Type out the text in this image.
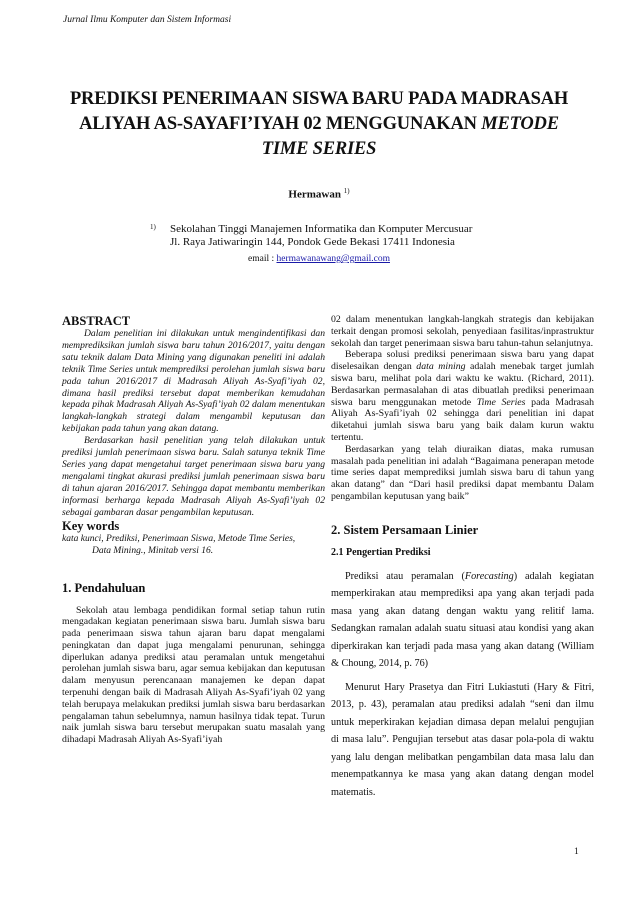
Jurnal Ilmu Komputer dan Sistem Informasi
PREDIKSI PENERIMAAN SISWA BARU PADA MADRASAH
ALIYAH AS-SAYAFI’IYAH 02 MENGGUNAKAN METODE
TIME SERIES
Hermawan $^{1)}$
1)	Sekolahan Tinggi Manajemen Informatika dan Komputer Mercusuar
Jl. Raya Jatiwaringin 144, Pondok Gede Bekasi 17411 Indonesia
email : hermawanawang@gmail.com
ABSTRACT

Dalam penelitian ini dilakukan untuk mengindentifikasi dan memprediksikan jumlah siswa baru tahun 2016/2017, yaitu dengan satu teknik dalam Data Mining yang digunakan peneliti ini adalah teknik Time Series untuk memprediksi perolehan jumlah siswa baru pada tahun 2016/2017 di Madrasah Aliyah As-Syafi’iyah 02, dimana hasil prediksi tersebut dapat memberikan kemudahan kepada pihak Madrasah Aliyah As-Syafi’iyah 02 dalam menentukan langkah-langkah strategi dalam mengambil keputusan dan kebijakan pada tahun yang akan datang.

Berdasarkan hasil penelitian yang telah dilakukan untuk prediksi jumlah penerimaan siswa baru. Salah satunya teknik Time Series yang dapat mengetahui target penerimaan siswa baru yang mengalami tingkat akurasi prediksi jumlah penerimaan siswa baru di tahun ajaran 2016/2017. Sehingga dapat membantu memberikan informasi berharga kepada Madrasah Aliyah As-Syafi’iyah 02 sebagai gambaran dasar pengambilan keputusan.

Key words
kata kunci, Prediksi, Penerimaan Siswa, Metode Time Series,
Data Mining., Minitab versi 16.
1. Pendahuluan

Sekolah atau lembaga pendidikan formal setiap tahun rutin mengadakan kegiatan penerimaan siswa baru. Jumlah siswa baru pada penerimaan siswa tahun ajaran baru dapat mengalami peningkatan dan dapat juga mengalami penurunan, sehingga diperlukan adanya prediksi atau peramalan untuk mengetahui perolehan jumlah siswa baru, agar semua kebijakan dan keputusan dalam menyusun perencanaan manajemen ke depan dapat terpenuhi dengan baik di Madrasah Aliyah As-Syafi’iyah 02 yang telah berupaya melakukan prediksi jumlah siswa baru berdasarkan pengalaman tahun sebelumnya, namun hasilnya tidak tepat. Turun naik jumlah siswa baru tersebut merupakan suatu masalah yang dihadapi Madrasah Aliyah As-Syafi’iyah

02 dalam menentukan langkah-langkah strategis dan kebijakan terkait dengan promosi sekolah, penyediaan fasilitas/inprastruktur sekolah dan target penerimaan siswa baru tahun-tahun selanjutnya.

Beberapa solusi prediksi penerimaan siswa baru yang dapat diselesaikan dengan data mining adalah menebak target jumlah siswa baru, melihat pola dari waktu ke waktu. (Richard, 2011). Berdasarkan permasalahan di atas dibuatlah prediksi penerimaan siswa baru menggunakan metode Time Series pada Madrasah Aliyah As-Syafi’iyah 02 sehingga dari penelitian ini dapat diketahui jumlah siswa baru yang baik dalam kurun waktu tertentu.

Berdasarkan yang telah diuraikan diatas, maka rumusan masalah pada penelitian ini adalah “Bagaimana penerapan metode time series dapat memprediksi jumlah siswa baru di tahun yang akan datang” dan “Dari hasil prediksi dapat membantu Dalam pengambilan keputusan yang baik”

2. Sistem Persamaan Linier
2.1 Pengertian Prediksi

Prediksi atau peramalan (Forecasting) adalah kegiatan memperkirakan atau memprediksi apa yang akan terjadi pada masa yang akan datang dengan waktu yang relitif lama. Sedangkan ramalan adalah suatu situasi atau kondisi yang akan diperkirakan kan terjadi pada masa yang akan datang (William & Choung, 2014, p. 76)

Menurut Hary Prasetya dan Fitri Lukiastuti (Hary & Fitri, 2013, p. 43), peramalan atau prediksi adalah “seni dan ilmu untuk meperkirakan kejadian dimasa depan melalui pengujian di masa lalu”. Pengujian tersebut atas dasar pola-pola di waktu yang lalu dengan melibatkan pengambilan data masa lalu dan menempatkannya ke masa yang akan datang dengan model matematis.

1
